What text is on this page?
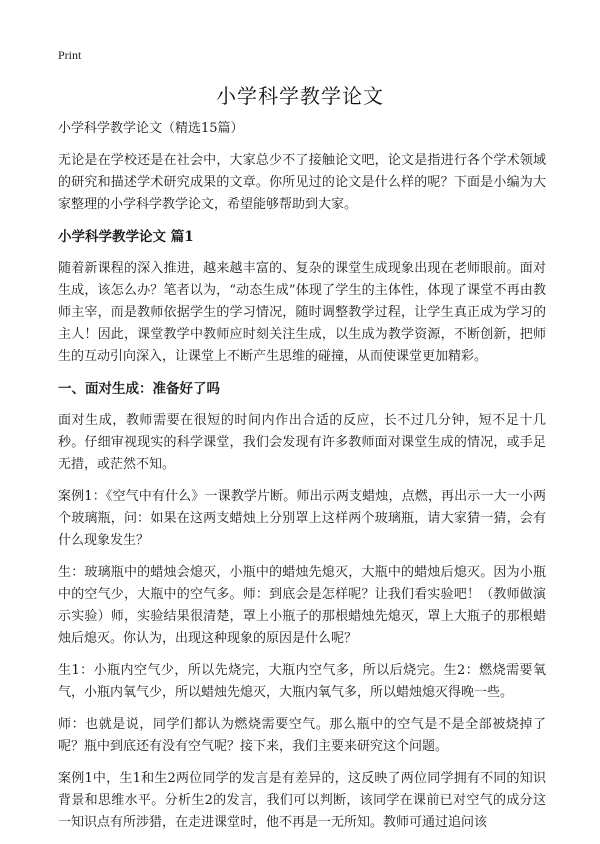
Print

小学科学教学论文

小学科学教学论文（精选15篇）

无论是在学校还是在社会中，大家总少不了接触论文吧，论文是指进行各个学术领域的研究和描述学术研究成果的文章。你所见过的论文是什么样的呢？下面是小编为大家整理的小学科学教学论文，希望能够帮助到大家。

小学科学教学论文 篇1

随着新课程的深入推进，越来越丰富的、复杂的课堂生成现象出现在老师眼前。面对生成，该怎么办？笔者以为，“动态生成”体现了学生的主体性，体现了课堂不再由教师主宰，而是教师依据学生的学习情况，随时调整教学过程，让学生真正成为学习的主人！因此，课堂教学中教师应时刻关注生成，以生成为教学资源，不断创新，把师生的互动引向深入，让课堂上不断产生思维的碰撞，从而使课堂更加精彩。

一、面对生成：准备好了吗

面对生成，教师需要在很短的时间内作出合适的反应，长不过几分钟，短不足十几秒。仔细审视现实的科学课堂，我们会发现有许多教师面对课堂生成的情况，或手足无措，或茫然不知。

案例1：《空气中有什么》一课教学片断。师出示两支蜡烛，点燃，再出示一大一小两个玻璃瓶，问：如果在这两支蜡烛上分别罩上这样两个玻璃瓶，请大家猜一猜，会有什么现象发生？

生：玻璃瓶中的蜡烛会熄灭，小瓶中的蜡烛先熄灭，大瓶中的蜡烛后熄灭。因为小瓶中的空气少，大瓶中的空气多。师：到底会是怎样呢？让我们看实验吧！（教师做演示实验）师，实验结果很清楚，罩上小瓶子的那根蜡烛先熄灭，罩上大瓶子的那根蜡烛后熄灭。你认为，出现这种现象的原因是什么呢？

生1：小瓶内空气少，所以先烧完，大瓶内空气多，所以后烧完。生2：燃烧需要氧气，小瓶内氧气少，所以蜡烛先熄灭，大瓶内氧气多，所以蜡烛熄灭得晚一些。

师：也就是说，同学们都认为燃烧需要空气。那么瓶中的空气是不是全部被烧掉了呢？瓶中到底还有没有空气呢？接下来，我们主要来研究这个问题。

案例1中，生1和生2两位同学的发言是有差异的，这反映了两位同学拥有不同的知识背景和思维水平。分析生2的发言，我们可以判断，该同学在课前已对空气的成分这一知识点有所涉猎，在走进课堂时，他不再是一无所知。教师可通过追问该
